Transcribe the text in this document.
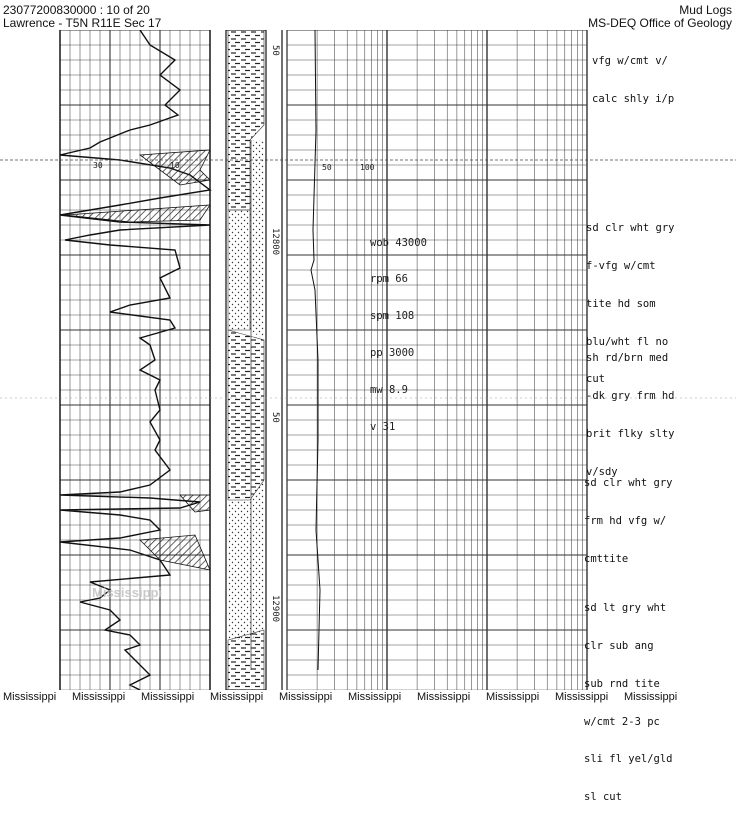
23077200830000 : 10 of 20
Lawrence - T5N R11E Sec 17
Mud Logs
MS-DEQ Office of Geology
Mississippi
30	10	50	100
50
12800
50
12900

wob 43000

rpm 66

spm 108

pp 3000

mw 8.9

v 31

vfg w/cmt v/

calc shly i/p

sd clr wht gry

f-vfg w/cmt

tite hd som

blu/wht fl no

cut

sh rd/brn med

-dk gry frm hd

brit flky slty

v/sdy

sd clr wht gry

frm hd vfg w/

cmttite

sd lt gry wht

clr sub ang

sub rnd tite

w/cmt 2-3 pc

sli fl yel/gld

sl cut

Mississippi Mississippi Mississippi Mississippi Mississippi Mississippi Mississippi Mississippi Mississippi Mississippi
